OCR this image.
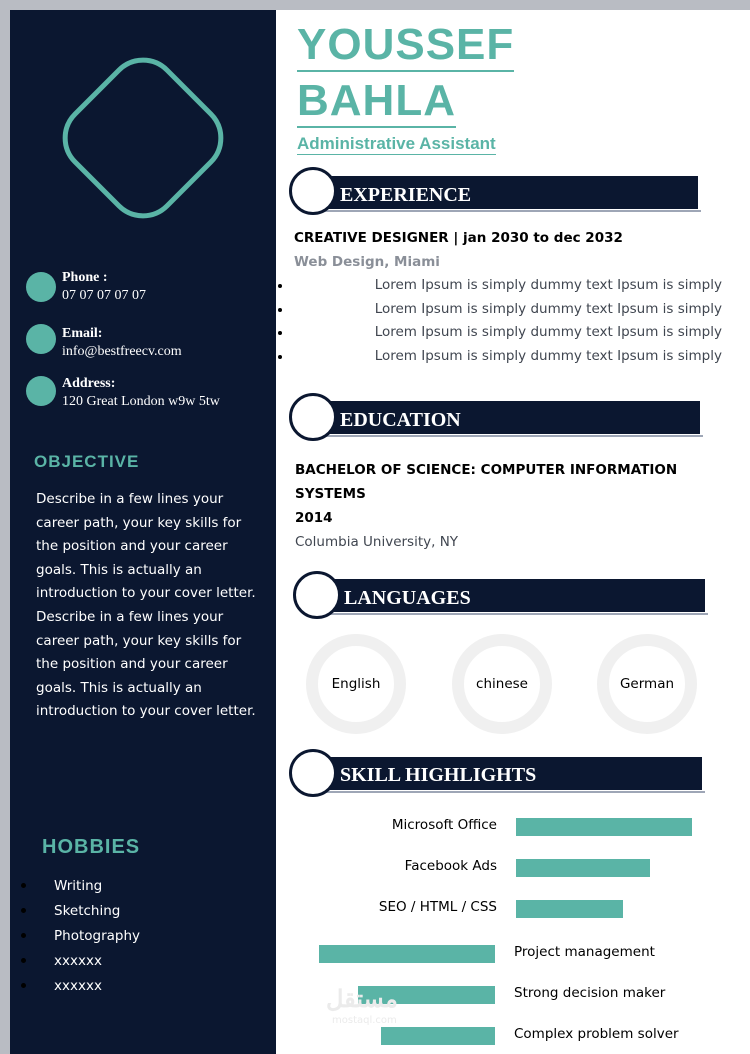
Phone :
07 07 07 07 07
Email:
info@bestfreecv.com
Address:
120 Great London w9w 5tw
OBJECTIVE
Describe in a few lines your career path, your key skills for the position and your career goals. This is actually an introduction to your cover letter. Describe in a few lines your career path, your key skills for the position and your career goals. This is actually an introduction to your cover letter.
HOBBIES
Writing
Sketching
Photography
xxxxxx
xxxxxx
YOUSSEF
BAHLA
Administrative Assistant
EXPERIENCE
CREATIVE DESIGNER | jan 2030 to dec 2032
Web Design, Miami
Lorem Ipsum is simply dummy text Ipsum is simply
Lorem Ipsum is simply dummy text Ipsum is simply
Lorem Ipsum is simply dummy text Ipsum is simply
Lorem Ipsum is simply dummy text Ipsum is simply
EDUCATION
BACHELOR OF SCIENCE: COMPUTER INFORMATION SYSTEMS
2014
Columbia University, NY
LANGUAGES
English	chinese	German
SKILL HIGHLIGHTS
Microsoft Office
Facebook Ads
SEO / HTML / CSS
Project management
Strong decision maker
Complex problem solver
مستقل
mostaql.com
